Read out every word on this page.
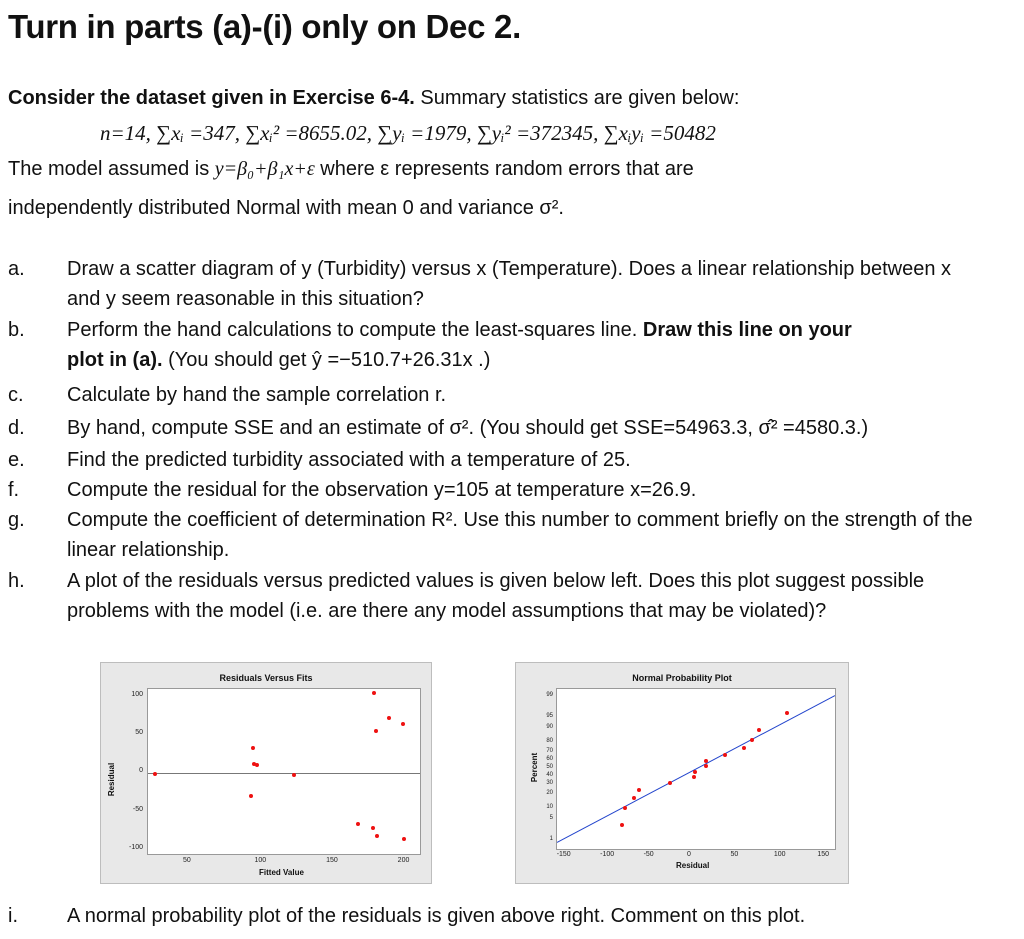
Turn in parts (a)-(i) only on Dec 2.
Consider the dataset given in Exercise 6-4. Summary statistics are given below:
n=14, ∑xᵢ =347, ∑xᵢ² =8655.02, ∑yᵢ =1979, ∑yᵢ² =372345, ∑xᵢyᵢ =50482
The model assumed is y=β₀+β₁x+ε where ε represents random errors that are
independently distributed Normal with mean 0 and variance σ².
a. Draw a scatter diagram of y (Turbidity) versus x (Temperature). Does a linear relationship between x and y seem reasonable in this situation?
b. Perform the hand calculations to compute the least-squares line. Draw this line on your
plot in (a). (You should get ŷ =−510.7+26.31x .)
c. Calculate by hand the sample correlation r.
d. By hand, compute SSE and an estimate of σ². (You should get SSE=54963.3, σ̂² =4580.3.)
e. Find the predicted turbidity associated with a temperature of 25.
f. Compute the residual for the observation y=105 at temperature x=26.9.
g. Compute the coefficient of determination R². Use this number to comment briefly on the strength of the linear relationship.
h. A plot of the residuals versus predicted values is given below left. Does this plot suggest possible problems with the model (i.e. are there any model assumptions that may be violated)?
Residuals Versus Fits
Residual
Fitted Value
100
50
0
-50
-100
50	100	150	200
Normal Probability Plot
Percent
Residual
99
95
90
80
70
60
50
40
30
20
10
5
1
-150	-100	-50	0	50	100	150
i. A normal probability plot of the residuals is given above right. Comment on this plot.
